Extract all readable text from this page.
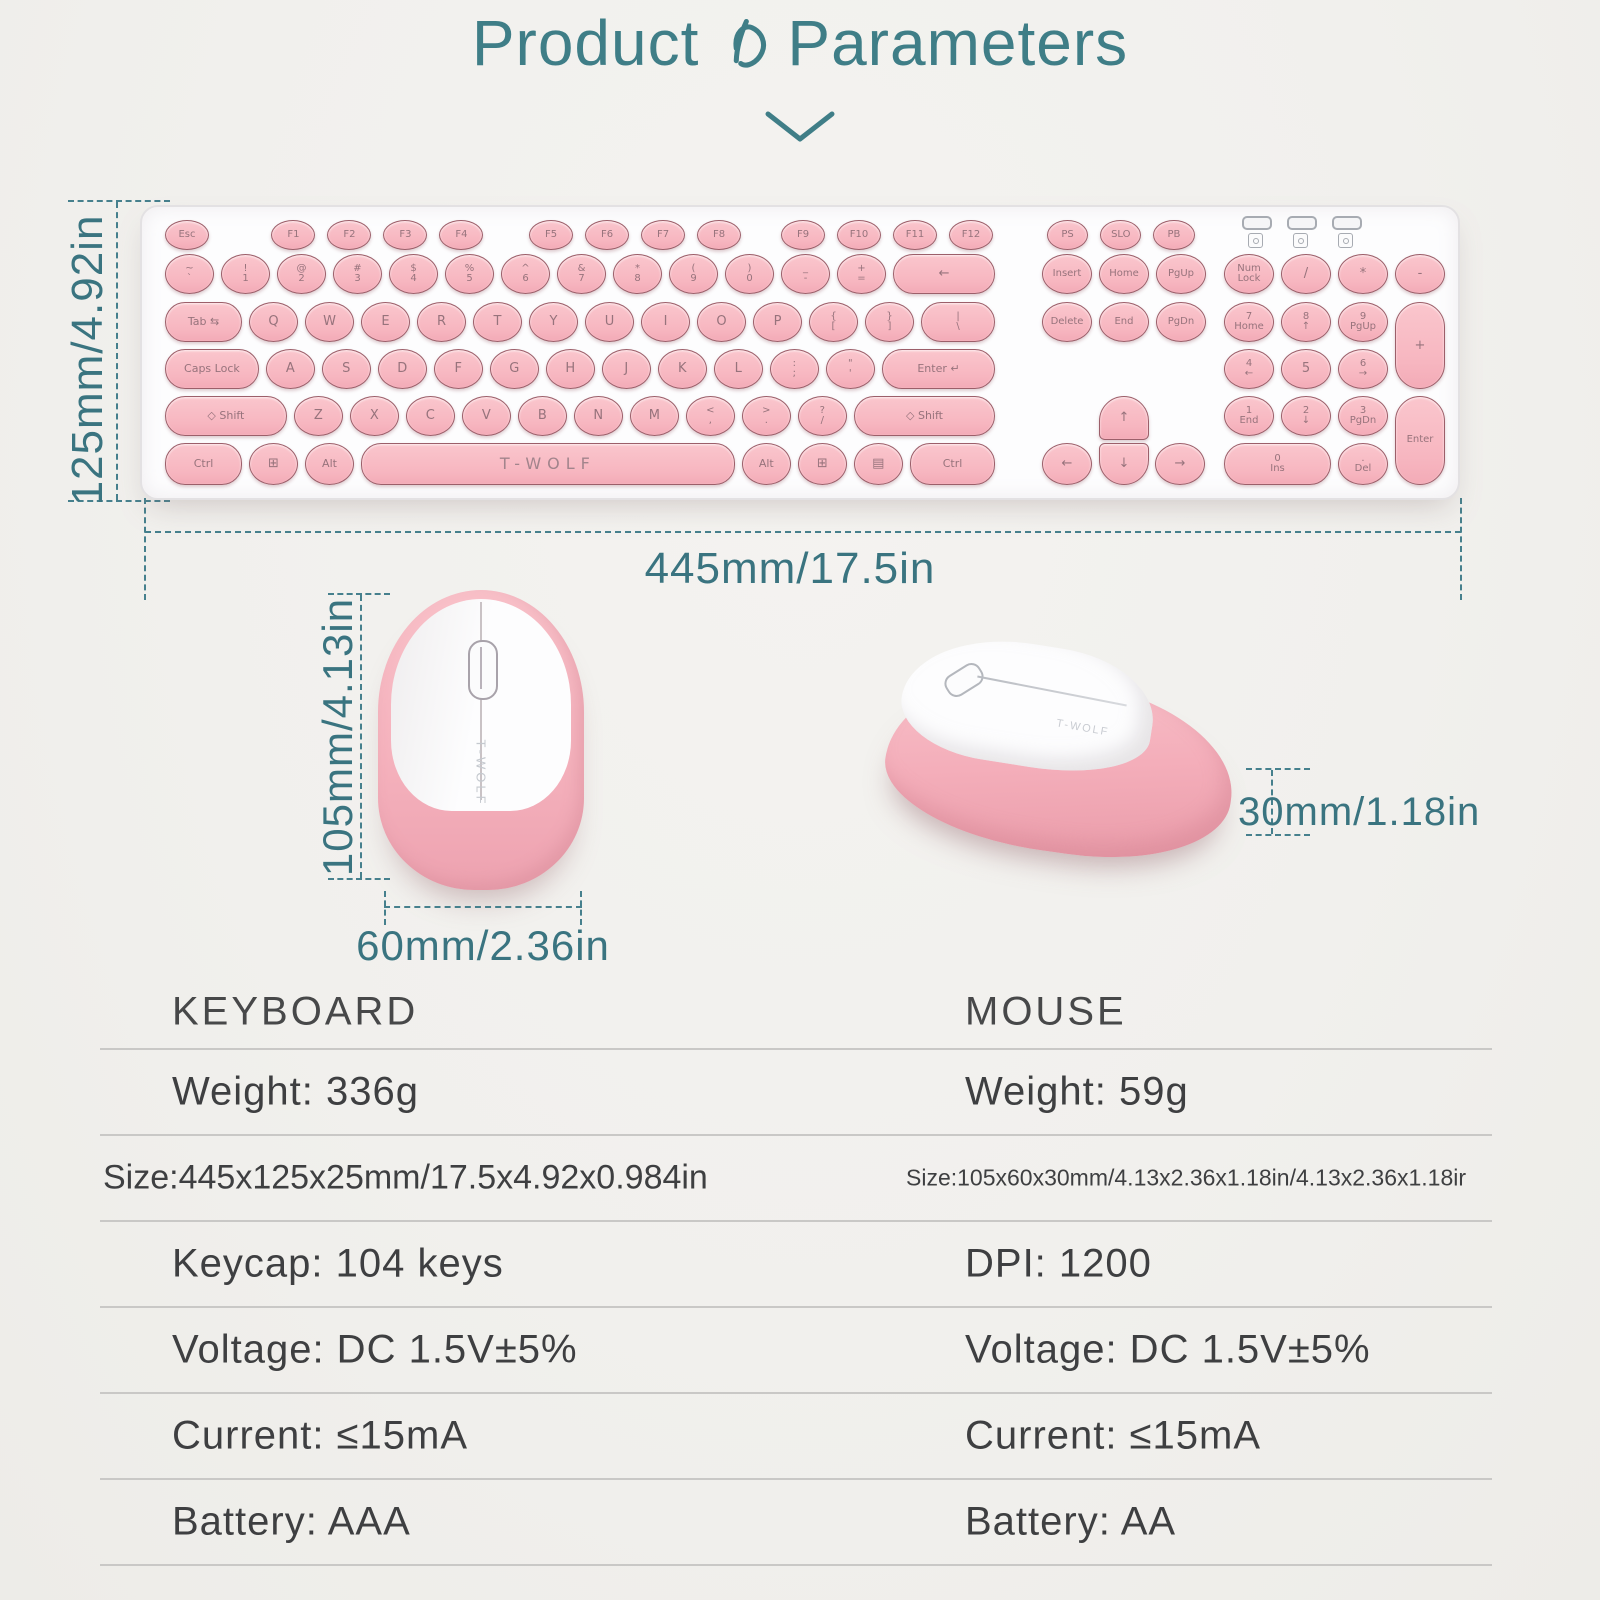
Product Parameters
125mm/4.92in
445mm/17.5in
Esc	F1	F2	F3	F4	F5	F6	F7	F8	F9	F10	F11	F12	PS	SLO	PB
~
`
!
1
@
2
#
3
$
4
%
5
^
6
&
7
*
8
(
9
)
0
_
-
+
=	←
Tab ⇆	Q	W	E	R	T	Y	U	I	O	P	{
[
}
]
|
\
Caps Lock	A	S	D	F	G	H	J	K	L	:
;
"
'	Enter ↵
◇ Shift	Z	X	C	V	B	N	M	<
,
>
.
?
/	◇ Shift
Ctrl	⊞	Alt	T-WOLF	Alt	⊞	▤	Ctrl
Insert	Home	PgUp
Delete	End	PgDn
↑
↓
←	→
Num
Lock	/	*	-
7
Home
8
↑
9
PgUp
+
4
←	5	6
→
1
End
2
↓
3
PgDn
Enter
0
Ins
.
Del
T-WOLF
105mm/4.13in
60mm/2.36in
T-WOLF
30mm/1.18in
KEYBOARD	MOUSE
Weight: 336g	Weight: 59g
Size:445x125x25mm/17.5x4.92x0.984in	Size:105x60x30mm/4.13x2.36x1.18in/4.13x2.36x1.18ir
Keycap: 104 keys	DPI: 1200
Voltage: DC 1.5V±5%	Voltage: DC 1.5V±5%
Current: ≤15mA	Current: ≤15mA
Battery: AAA	Battery: AA
